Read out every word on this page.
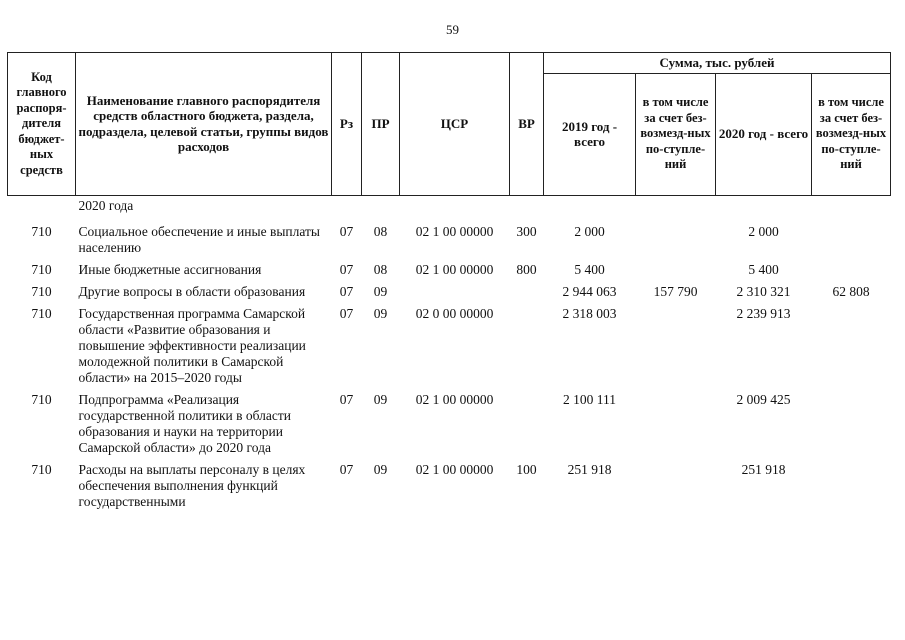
59
Код главного распоря-дителя бюджет-ных средств	Наименование главного распорядителя средств областного бюджета, раздела, подраздела, целевой статьи, группы видов расходов	Рз	ПР	ЦСР	ВР	Сумма, тыс. рублей			
						2019 год - всего	в том числе за счет без-возмезд-ных по-ступле-ний	2020 год - всего	в том числе за счет без-возмезд-ных по-ступле-ний
	2020 года								
710	Социальное обеспечение и иные выплаты населению	07	08	02 1 00 00000	300	2 000		2 000	
710	Иные бюджетные ассигнования	07	08	02 1 00 00000	800	5 400		5 400	
710	Другие вопросы в области образования	07	09			2 944 063	157 790	2 310 321	62 808
710	Государственная программа Самарской области «Развитие образования и повышение эффективности реализации молодежной политики в Самарской области» на 2015–2020 годы	07	09	02 0 00 00000		2 318 003		2 239 913	
710	Подпрограмма «Реализация государственной политики в области образования и науки на территории Самарской области» до 2020 года	07	09	02 1 00 00000		2 100 111		2 009 425	
710	Расходы на выплаты персоналу в целях обеспечения выполнения функций государственными	07	09	02 1 00 00000	100	251 918		251 918	
